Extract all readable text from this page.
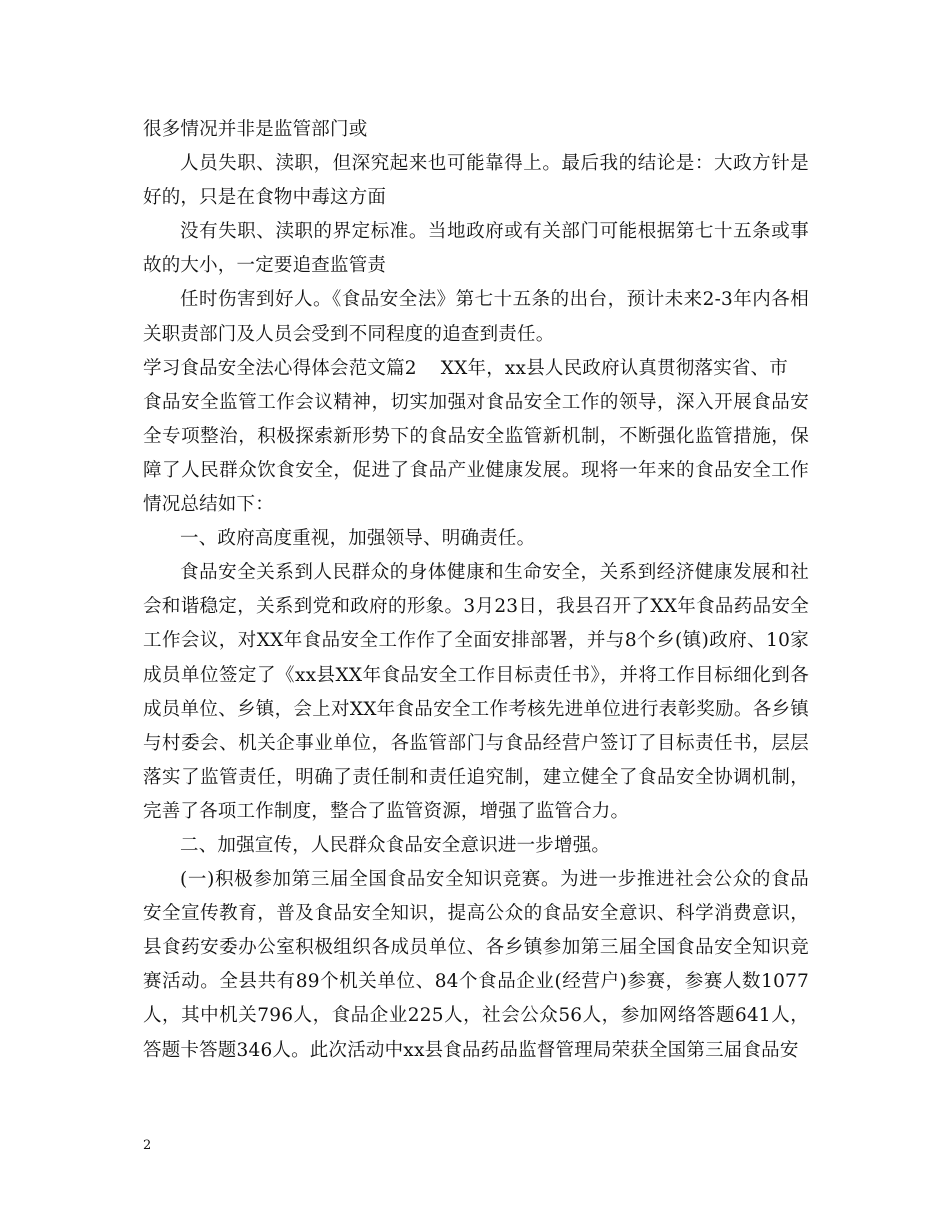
很多情况并非是监管部门或

人员失职、渎职，但深究起来也可能靠得上。最后我的结论是：大政方针是好的，只是在食物中毒这方面

没有失职、渎职的界定标准。当地政府或有关部门可能根据第七十五条或事故的大小，一定要追查监管责

任时伤害到好人。《食品安全法》第七十五条的出台，预计未来2-3年内各相关职责部门及人员会受到不同程度的追查到责任。

学习食品安全法心得体会范文篇2 XX年，xx县人民政府认真贯彻落实省、市

食品安全监管工作会议精神，切实加强对食品安全工作的领导，深入开展食品安全专项整治，积极探索新形势下的食品安全监管新机制，不断强化监管措施，保障了人民群众饮食安全，促进了食品产业健康发展。现将一年来的食品安全工作情况总结如下：

一、政府高度重视，加强领导、明确责任。

食品安全关系到人民群众的身体健康和生命安全，关系到经济健康发展和社会和谐稳定，关系到党和政府的形象。3月23日，我县召开了XX年食品药品安全工作会议，对XX年食品安全工作作了全面安排部署，并与8个乡(镇)政府、10家成员单位签定了《xx县XX年食品安全工作目标责任书》，并将工作目标细化到各成员单位、乡镇，会上对XX年食品安全工作考核先进单位进行表彰奖励。各乡镇与村委会、机关企事业单位，各监管部门与食品经营户签订了目标责任书，层层落实了监管责任，明确了责任制和责任追究制，建立健全了食品安全协调机制，完善了各项工作制度，整合了监管资源，增强了监管合力。

二、加强宣传，人民群众食品安全意识进一步增强。

(一)积极参加第三届全国食品安全知识竞赛。为进一步推进社会公众的食品安全宣传教育，普及食品安全知识，提高公众的食品安全意识、科学消费意识，县食药安委办公室积极组织各成员单位、各乡镇参加第三届全国食品安全知识竞赛活动。全县共有89个机关单位、84个食品企业(经营户)参赛，参赛人数1077人，其中机关796人，食品企业225人，社会公众56人，参加网络答题641人，答题卡答题346人。此次活动中xx县食品药品监督管理局荣获全国第三届食品安

2
